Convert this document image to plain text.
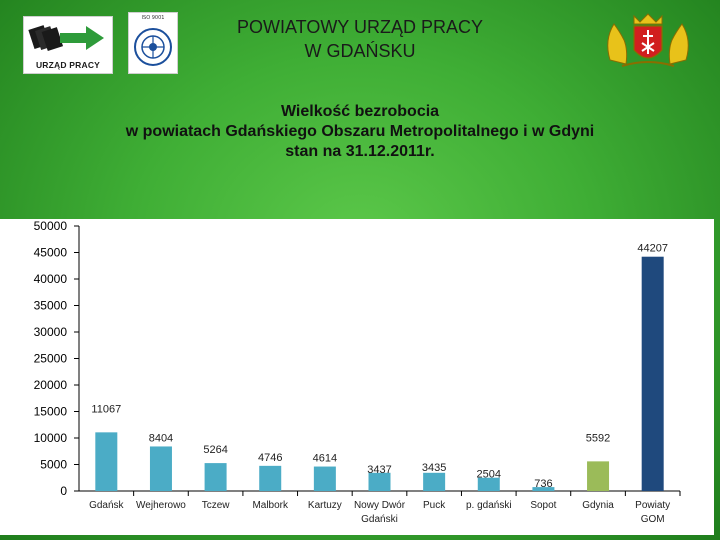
URZĄD PRACY
ISO 9001	POWIATOWY URZĄD PRACY
W GDAŃSKU
Wielkość bezrobocia
w powiatach Gdańskiego Obszaru Metropolitalnego i w Gdyni
stan na 31.12.2011r.
0
5000
10000
15000
20000
25000
30000
35000
40000
45000
50000
11067
Gdańsk
8404
Wejherowo
5264
Tczew
4746
Malbork
4614
Kartuzy
3437
Nowy Dwór
Gdański
3435
Puck
2504
p. gdański
736
Sopot
5592
Gdynia
44207
Powiaty
GOM
